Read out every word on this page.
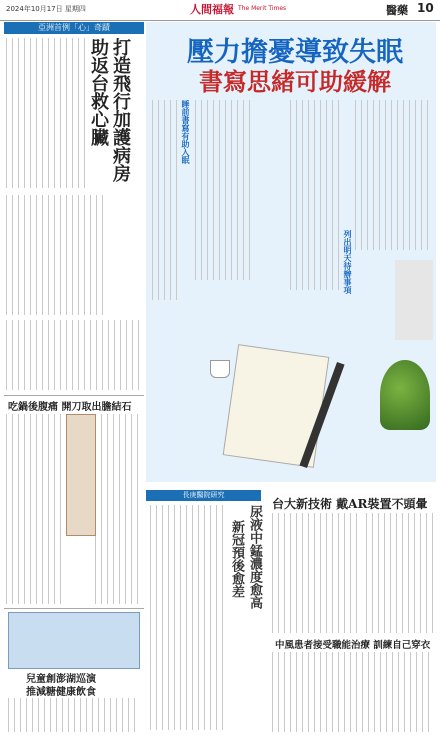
2024年10月17日 星期四	人間福報 The Merit Times	醫藥 10
亞洲首例「心」奇蹟
打造飛行加護病房
助返台救心臟
吃鍋後腹痛 開刀取出膽結石
兒童創澎湖巡演
推減糖健康飲食
壓力擔憂導致失眠
書寫思緒可助緩解
列出明天待辦事項
睡前書寫有助入眠
長庚醫院研究
尿液中錳濃度愈高
新冠預後愈差
台大新技術 戴AR裝置不頭暈
中風患者接受職能治療 訓練自己穿衣
